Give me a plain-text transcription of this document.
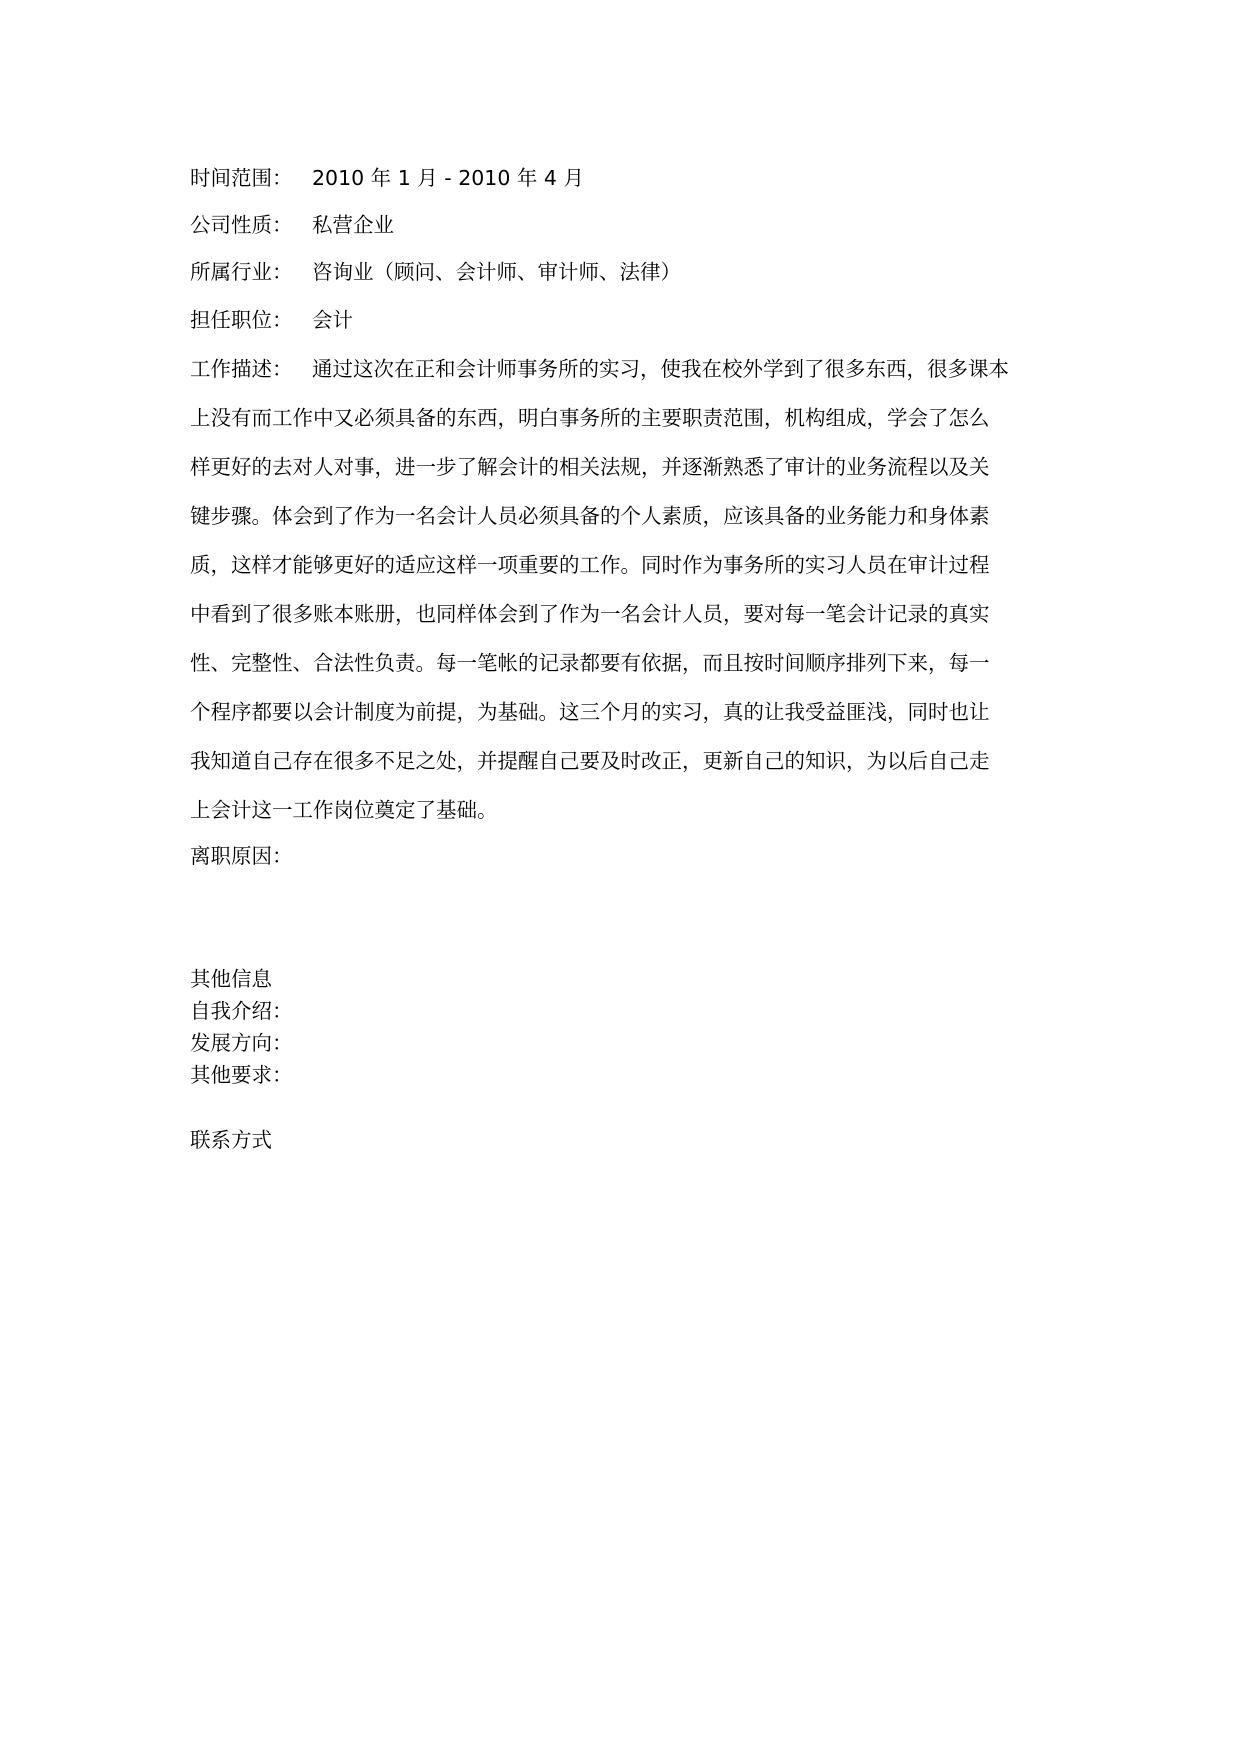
时间范围： 2010 年 1 月 - 2010 年 4 月
公司性质： 私营企业
所属行业： 咨询业（顾问、会计师、审计师、法律）
担任职位： 会计
工作描述： 通过这次在正和会计师事务所的实习，使我在校外学到了很多东西，很多课本
上没有而工作中又必须具备的东西，明白事务所的主要职责范围，机构组成，学会了怎么
样更好的去对人对事，进一步了解会计的相关法规，并逐渐熟悉了审计的业务流程以及关
键步骤。体会到了作为一名会计人员必须具备的个人素质，应该具备的业务能力和身体素
质，这样才能够更好的适应这样一项重要的工作。同时作为事务所的实习人员在审计过程
中看到了很多账本账册，也同样体会到了作为一名会计人员，要对每一笔会计记录的真实
性、完整性、合法性负责。每一笔帐的记录都要有依据，而且按时间顺序排列下来，每一
个程序都要以会计制度为前提，为基础。这三个月的实习，真的让我受益匪浅，同时也让
我知道自己存在很多不足之处，并提醒自己要及时改正，更新自己的知识，为以后自己走
上会计这一工作岗位奠定了基础。
离职原因：
其他信息
自我介绍：
发展方向：
其他要求：
联系方式
